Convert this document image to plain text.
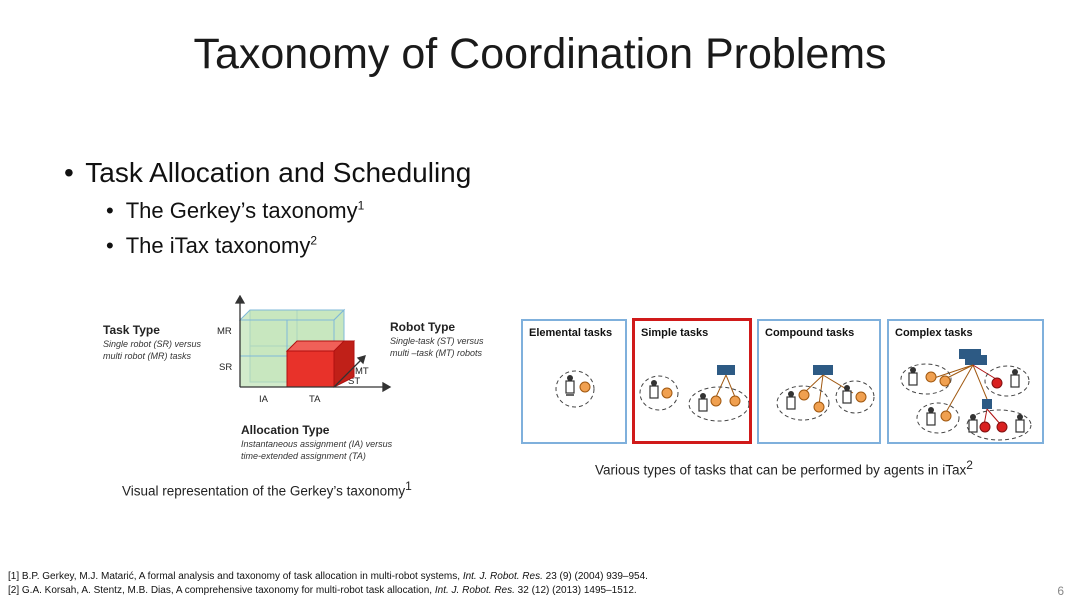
Taxonomy of Coordination Problems
• Task Allocation and Scheduling
• The Gerkey’s taxonomy$^1$
• The iTax taxonomy$^2$
Task Type
Single robot (SR) versus
multi robot (MR) tasks
Robot Type
Single-task (ST) versus
multi –task (MT) robots
Allocation Type
Instantaneous assignment (IA) versus
time-extended assignment (TA)
MR
SR
IA	TA
MT
ST
Visual representation of the Gerkey’s taxonomy$^1$
Elemental tasks	Simple tasks	Compound tasks	Complex tasks
Various types of tasks that can be performed by agents in iTax$^2$
[1] B.P. Gerkey, M.J. Matarić, A formal analysis and taxonomy of task allocation in multi-robot systems, Int. J. Robot. Res. 23 (9) (2004) 939–954.
[2] G.A. Korsah, A. Stentz, M.B. Dias, A comprehensive taxonomy for multi-robot task allocation, Int. J. Robot. Res. 32 (12) (2013) 1495–1512.	6
